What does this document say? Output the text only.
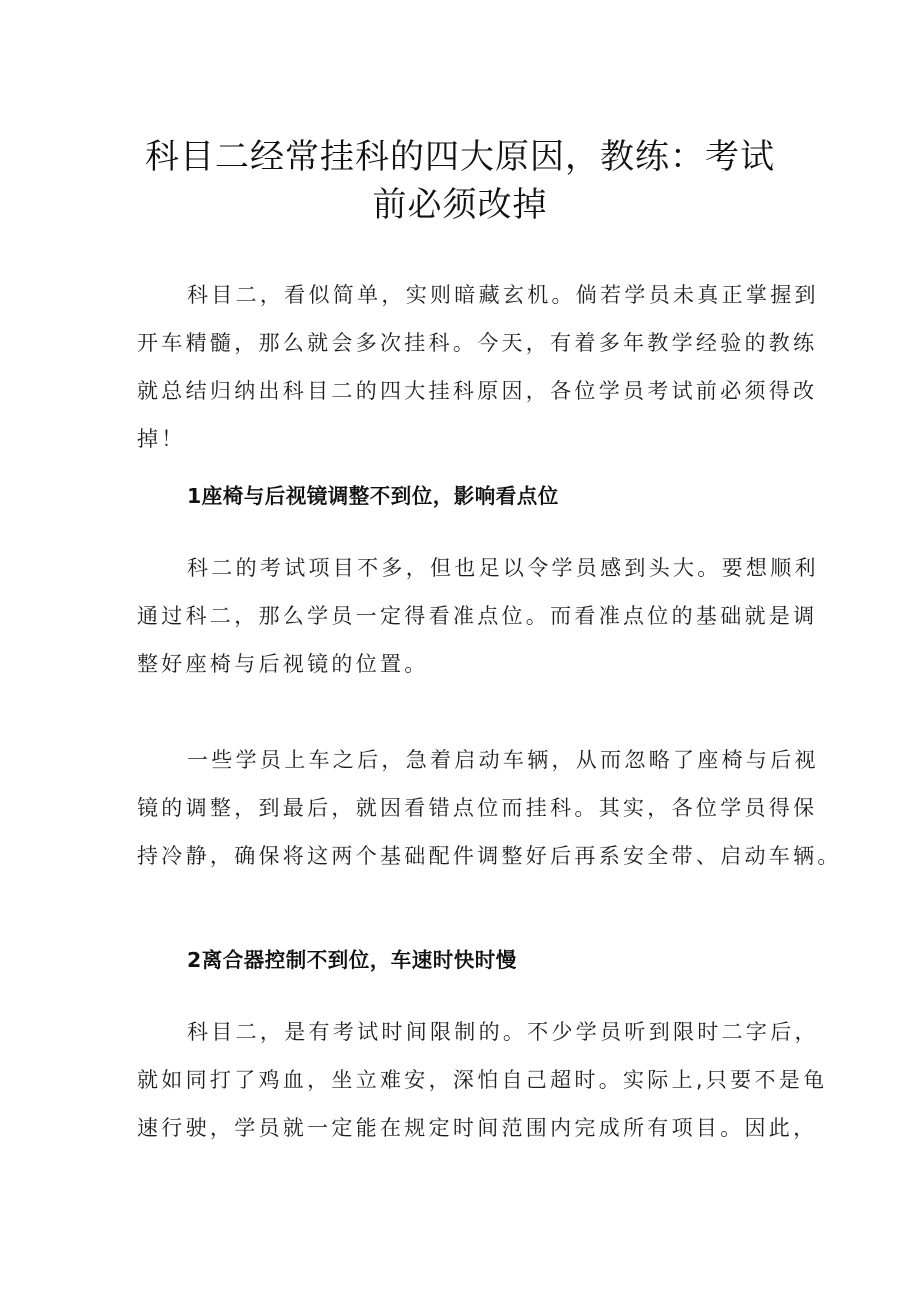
科目二经常挂科的四大原因，教练：考试
前必须改掉
科目二，看似简单，实则暗藏玄机。倘若学员未真正掌握到
开车精髓，那么就会多次挂科。今天，有着多年教学经验的教练
就总结归纳出科目二的四大挂科原因，各位学员考试前必须得改
掉！
1座椅与后视镜调整不到位，影响看点位
科二的考试项目不多，但也足以令学员感到头大。要想顺利
通过科二，那么学员一定得看准点位。而看准点位的基础就是调
整好座椅与后视镜的位置。
一些学员上车之后，急着启动车辆，从而忽略了座椅与后视
镜的调整，到最后，就因看错点位而挂科。其实，各位学员得保
持冷静，确保将这两个基础配件调整好后再系安全带、启动车辆。
2离合器控制不到位，车速时快时慢
科目二，是有考试时间限制的。不少学员听到限时二字后，
就如同打了鸡血，坐立难安，深怕自己超时。实际上,只要不是龟
速行驶，学员就一定能在规定时间范围内完成所有项目。因此，
